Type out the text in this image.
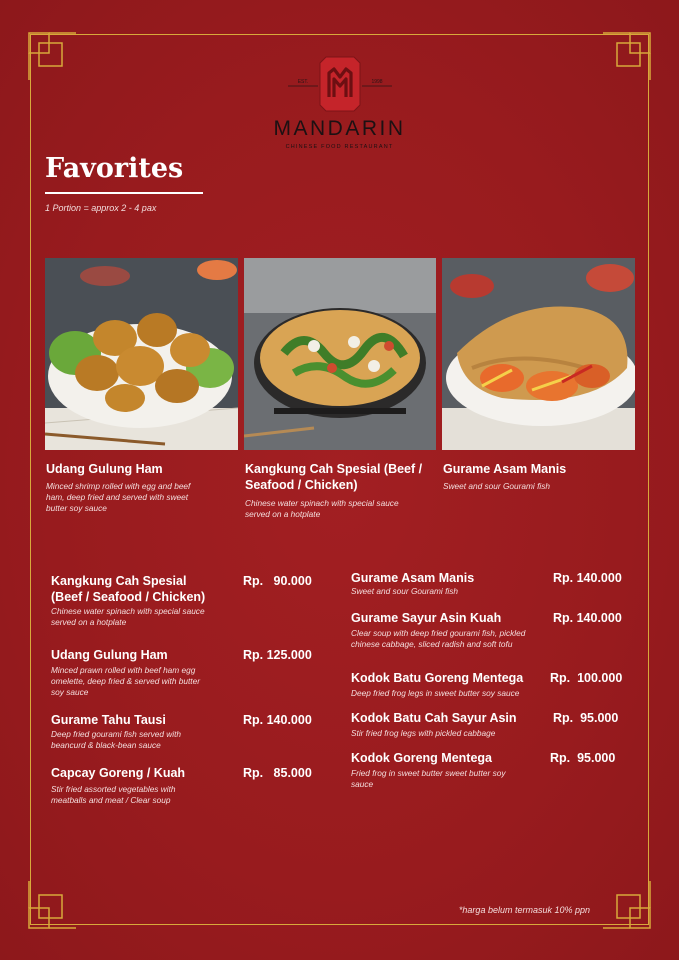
EST.	1998
MANDARIN
CHINESE FOOD RESTAURANT
Favorites
1 Portion = approx 2 - 4 pax
Udang Gulung Ham
Minced shrimp rolled with egg and beef ham, deep fried and served with sweet butter soy sauce
Kangkung Cah Spesial (Beef / Seafood / Chicken)
Chinese water spinach with special sauce served on a hotplate
Gurame Asam Manis
Sweet and sour Gourami fish
Kangkung Cah Spesial
(Beef / Seafood / Chicken)
Rp.   90.000
Chinese water spinach with special sauce served on a hotplate
Udang Gulung Ham	Rp. 125.000
Minced prawn rolled with beef ham egg omelette, deep fried & served with butter soy sauce
Gurame Tahu Tausi	Rp. 140.000
Deep fried gourami fish served with beancurd & black-bean sauce
Capcay Goreng / Kuah	Rp.   85.000
Stir fried assorted vegetables with meatballs and meat / Clear soup
Gurame Asam Manis	Rp. 140.000
Sweet and sour Gourami fish
Gurame Sayur Asin Kuah	Rp. 140.000
Clear soup with deep fried gourami fish, pickled chinese cabbage, sliced radish and soft tofu
Kodok Batu Goreng Mentega Rp.  100.000
Deep fried frog legs in sweet butter soy sauce
Kodok Batu Cah Sayur Asin	Rp.  95.000
Stir fried frog legs with pickled cabbage
Kodok Goreng Mentega	Rp.  95.000
Fried frog in sweet butter sweet butter soy sauce
*harga belum termasuk 10% ppn
